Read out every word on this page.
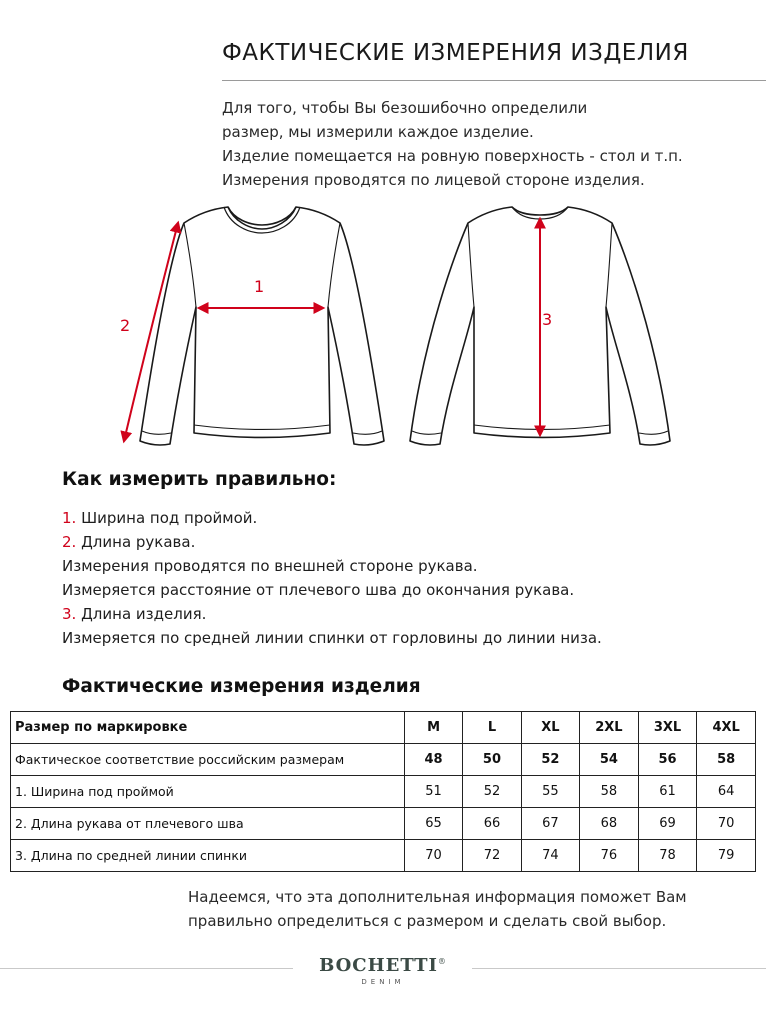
ФАКТИЧЕСКИЕ ИЗМЕРЕНИЯ ИЗДЕЛИЯ
Для того, чтобы Вы безошибочно определили
размер, мы измерили каждое изделие.
Изделие помещается на ровную поверхность - стол и т.п.
Измерения проводятся по лицевой стороне изделия.
1
2	3
Как измерить правильно:
1. Ширина под проймой.
2. Длина рукава.
Измерения проводятся по внешней стороне рукава.
Измеряется расстояние от плечевого шва до окончания рукава.
3. Длина изделия.
Измеряется по средней линии спинки от горловины до линии низа.
Фактические измерения изделия
Размер по маркировке	M	L	XL	2XL	3XL	4XL
Фактическое соответствие российским размерам	48	50	52	54	56	58
1. Ширина под проймой	51	52	55	58	61	64
2. Длина рукава от плечевого шва	65	66	67	68	69	70
3. Длина по средней линии спинки	70	72	74	76	78	79
Надеемся, что эта дополнительная информация поможет Вам
правильно определиться с размером и сделать свой выбор.
BOCHETTI®
DENIM
